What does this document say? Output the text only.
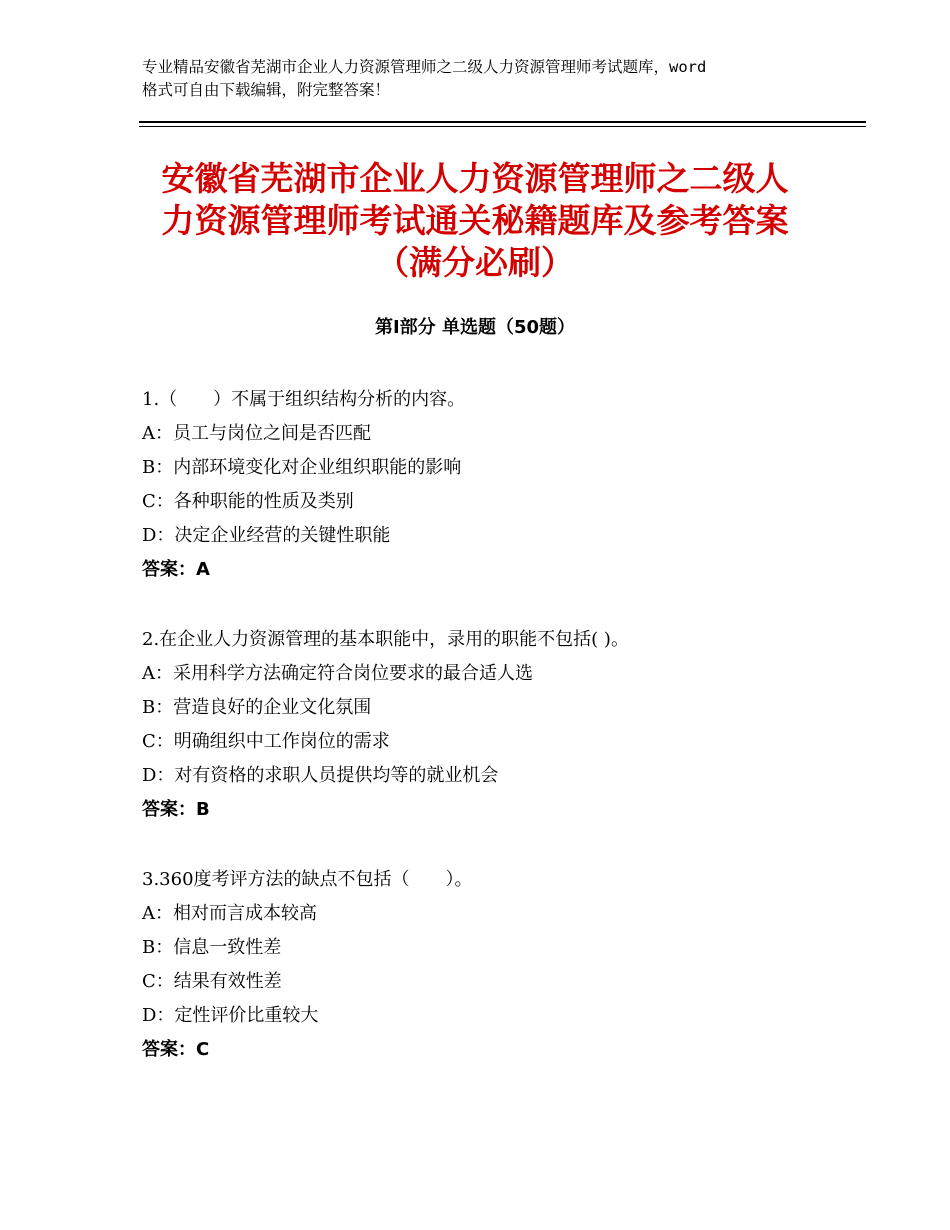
专业精品安徽省芜湖市企业人力资源管理师之二级人力资源管理师考试题库，word
格式可自由下载编辑，附完整答案！
安徽省芜湖市企业人力资源管理师之二级人
力资源管理师考试通关秘籍题库及参考答案
（满分必刷）
第Ⅰ部分 单选题（50题）
1.（　　）不属于组织结构分析的内容。
A：员工与岗位之间是否匹配
B：内部环境变化对企业组织职能的影响
C：各种职能的性质及类别
D：决定企业经营的关键性职能
答案：A
2.在企业人力资源管理的基本职能中，录用的职能不包括( )。
A：采用科学方法确定符合岗位要求的最合适人选
B：营造良好的企业文化氛围
C：明确组织中工作岗位的需求
D：对有资格的求职人员提供均等的就业机会
答案：B
3.360度考评方法的缺点不包括（　　）。
A：相对而言成本较高
B：信息一致性差
C：结果有效性差
D：定性评价比重较大
答案：C
